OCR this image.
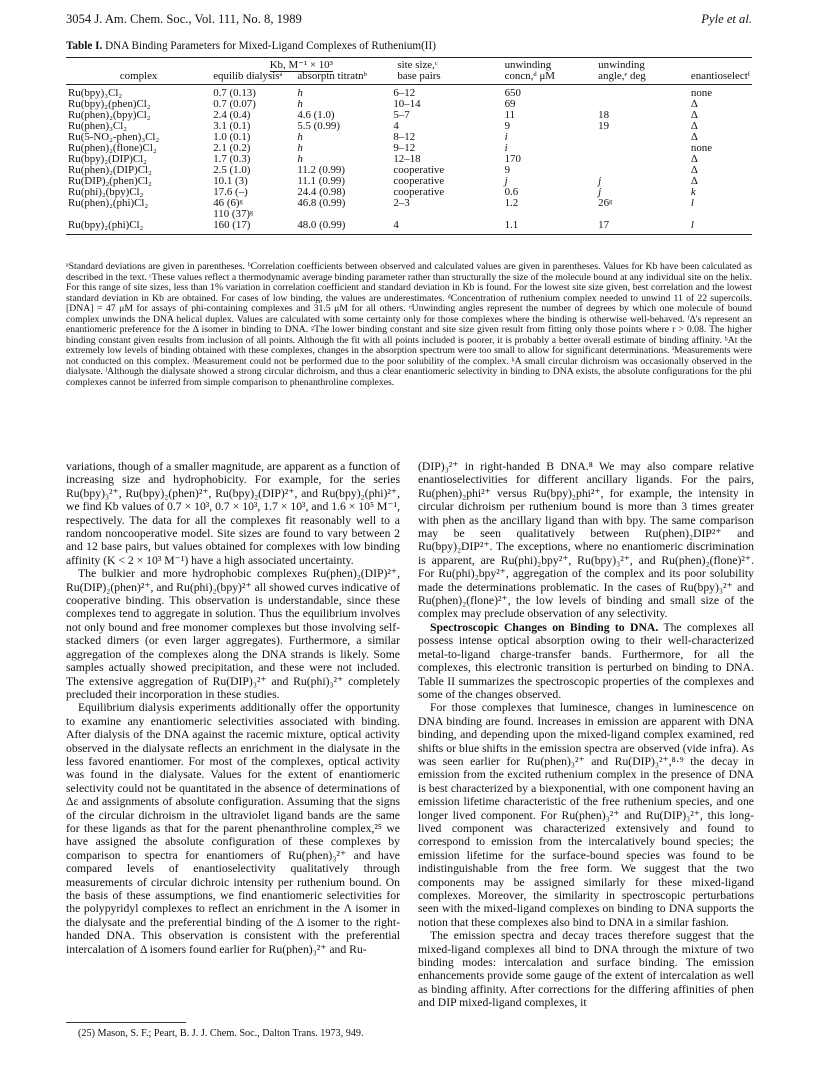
3054 J. Am. Chem. Soc., Vol. 111, No. 8, 1989	Pyle et al.
Table I. DNA Binding Parameters for Mixed-Ligand Complexes of Ruthenium(II)
	Kb, M⁻¹ × 10³		site size,ᶜ	unwinding	unwinding	
complex	equilib dialysisᵃ	absorptn titratnᵇ	base pairs	concn,ᵈ μM	angle,ᵉ deg	enantioselectᶠ
Ru(bpy)₃Cl₂	0.7 (0.13)	h	6–12	650		none
Ru(bpy)₂(phen)Cl₂	0.7 (0.07)	h	10–14	69		Δ
Ru(phen)₂(bpy)Cl₂	2.4 (0.4)	4.6 (1.0)	5–7	11	18	Δ
Ru(phen)₃Cl₂	3.1 (0.1)	5.5 (0.99)	4	9	19	Δ
Ru(5-NO₂-phen)₃Cl₂	1.0 (0.1)	h	8–12	i		Δ
Ru(phen)₂(flone)Cl₂	2.1 (0.2)	h	9–12	i		none
Ru(bpy)₂(DIP)Cl₂	1.7 (0.3)	h	12–18	170		Δ
Ru(phen)₂(DIP)Cl₂	2.5 (1.0)	11.2 (0.99)	cooperative	9		Δ
Ru(DIP)₂(phen)Cl₂	10.1 (3)	11.1 (0.99)	cooperative	j	j	Δ
Ru(phi)₂(bpy)Cl₂	17.6 (–)	24.4 (0.98)	cooperative	0.6	j	k
Ru(phen)₂(phi)Cl₂	46 (6)ᵍ	46.8 (0.99)	2–3	1.2	26ᵍ	l
	110 (37)ᵍ					
Ru(bpy)₂(phi)Cl₂	160 (17)	48.0 (0.99)	4	1.1	17	l
ᵃStandard deviations are given in parentheses. ᵇCorrelation coefficients between observed and calculated values are given in parentheses. Values for Kb have been calculated as described in the text. ᶜThese values reflect a thermodynamic average binding parameter rather than structurally the size of the molecule bound at any individual site on the helix. For this range of site sizes, less than 1% variation in correlation coefficient and standard deviation in Kb is found. For the lowest site size given, best correlation and the lowest standard deviation in Kb are obtained. For cases of low binding, the values are underestimates. ᵈConcentration of ruthenium complex needed to unwind 11 of 22 supercoils. [DNA] = 47 μM for assays of phi-containing complexes and 31.5 μM for all others. ᵉUnwinding angles represent the number of degrees by which one molecule of bound complex unwinds the DNA helical duplex. Values are calculated with some certainty only for those complexes where the binding is otherwise well-behaved. ᶠΔ's represent an enantiomeric preference for the Δ isomer in binding to DNA. ᵍThe lower binding constant and site size given result from fitting only those points where r > 0.08. The higher binding constant given results from inclusion of all points. Although the fit with all points included is poorer, it is probably a better overall estimate of binding affinity. ʰAt the extremely low levels of binding obtained with these complexes, changes in the absorption spectrum were too small to allow for significant determinations. ⁱMeasurements were not conducted on this complex. ʲMeasurement could not be performed due to the poor solubility of the complex. ᵏA small circular dichroism was occasionally observed in the dialysate. ˡAlthough the dialysate showed a strong circular dichroism, and thus a clear enantiomeric selectivity in binding to DNA exists, the absolute configurations for the phi complexes cannot be inferred from simple comparison to phenanthroline complexes.

variations, though of a smaller magnitude, are apparent as a function of increasing size and hydrophobicity. For example, for the series Ru(bpy)₃²⁺, Ru(bpy)₂(phen)²⁺, Ru(bpy)₂(DIP)²⁺, and Ru(bpy)₂(phi)²⁺, we find Kb values of 0.7 × 10³, 0.7 × 10³, 1.7 × 10³, and 1.6 × 10⁵ M⁻¹, respectively. The data for all the complexes fit reasonably well to a random noncooperative model. Site sizes are found to vary between 2 and 12 base pairs, but values obtained for complexes with low binding affinity (K < 2 × 10³ M⁻¹) have a high associated uncertainty.

The bulkier and more hydrophobic complexes Ru(phen)₂(DIP)²⁺, Ru(DIP)₂(phen)²⁺, and Ru(phi)₂(bpy)²⁺ all showed curves indicative of cooperative binding. This observation is understandable, since these complexes tend to aggregate in solution. Thus the equilibrium involves not only bound and free monomer complexes but those involving self-stacked dimers (or even larger aggregates). Furthermore, a similar aggregation of the complexes along the DNA strands is likely. Some samples actually showed precipitation, and these were not included. The extensive aggregation of Ru(DIP)₃²⁺ and Ru(phi)₃²⁺ completely precluded their incorporation in these studies.

Equilibrium dialysis experiments additionally offer the opportunity to examine any enantiomeric selectivities associated with binding. After dialysis of the DNA against the racemic mixture, optical activity observed in the dialysate reflects an enrichment in the dialysate in the less favored enantiomer. For most of the complexes, optical activity was found in the dialysate. Values for the extent of enantiomeric selectivity could not be quantitated in the absence of determinations of Δε and assignments of absolute configuration. Assuming that the signs of the circular dichroism in the ultraviolet ligand bands are the same for these ligands as that for the parent phenanthroline complex,²⁵ we have assigned the absolute configuration of these complexes by comparison to spectra for enantiomers of Ru(phen)₃²⁺ and have compared levels of enantioselectivity qualitatively through measurements of circular dichroic intensity per ruthenium bound. On the basis of these assumptions, we find enantiomeric selectivities for the polypyridyl complexes to reflect an enrichment in the Λ isomer in the dialysate and the preferential binding of the Δ isomer to the right-handed DNA. This observation is consistent with the preferential intercalation of Δ isomers found earlier for Ru(phen)₃²⁺ and Ru-

(DIP)₃²⁺ in right-handed B DNA.⁸ We may also compare relative enantioselectivities for different ancillary ligands. For the pairs, Ru(phen)₂phi²⁺ versus Ru(bpy)₂phi²⁺, for example, the intensity in circular dichroism per ruthenium bound is more than 3 times greater with phen as the ancillary ligand than with bpy. The same comparison may be seen qualitatively between Ru(phen)₂DIP²⁺ and Ru(bpy)₂DIP²⁺. The exceptions, where no enantiomeric discrimination is apparent, are Ru(phi)₂bpy²⁺, Ru(bpy)₃²⁺, and Ru(phen)₂(flone)²⁺. For Ru(phi)₂bpy²⁺, aggregation of the complex and its poor solubility made the determinations problematic. In the cases of Ru(bpy)₃²⁺ and Ru(phen)₂(flone)²⁺, the low levels of binding and small size of the complex may preclude observation of any selectivity.

Spectroscopic Changes on Binding to DNA. The complexes all possess intense optical absorption owing to their well-characterized metal-to-ligand charge-transfer bands. Furthermore, for all the complexes, this electronic transition is perturbed on binding to DNA. Table II summarizes the spectroscopic properties of the complexes and some of the changes observed.

For those complexes that luminesce, changes in luminescence on DNA binding are found. Increases in emission are apparent with DNA binding, and depending upon the mixed-ligand complex examined, red shifts or blue shifts in the emission spectra are observed (vide infra). As was seen earlier for Ru(phen)₃²⁺ and Ru(DIP)₃²⁺,⁸·⁹ the decay in emission from the excited ruthenium complex in the presence of DNA is best characterized by a biexponential, with one component having an emission lifetime characteristic of the free ruthenium species, and one longer lived component. For Ru(phen)₃²⁺ and Ru(DIP)₃²⁺, this long-lived component was characterized extensively and found to correspond to emission from the intercalatively bound species; the emission lifetime for the surface-bound species was found to be indistinguishable from the free form. We suggest that the two components may be assigned similarly for these mixed-ligand complexes. Moreover, the similarity in spectroscopic perturbations seen with the mixed-ligand complexes on binding to DNA supports the notion that these complexes also bind to DNA in a similar fashion.

The emission spectra and decay traces therefore suggest that the mixed-ligand complexes all bind to DNA through the mixture of two binding modes: intercalation and surface binding. The emission enhancements provide some gauge of the extent of intercalation as well as binding affinity. After corrections for the differing affinities of phen and DIP mixed-ligand complexes, it

(25) Mason, S. F.; Peart, B. J. J. Chem. Soc., Dalton Trans. 1973, 949.
